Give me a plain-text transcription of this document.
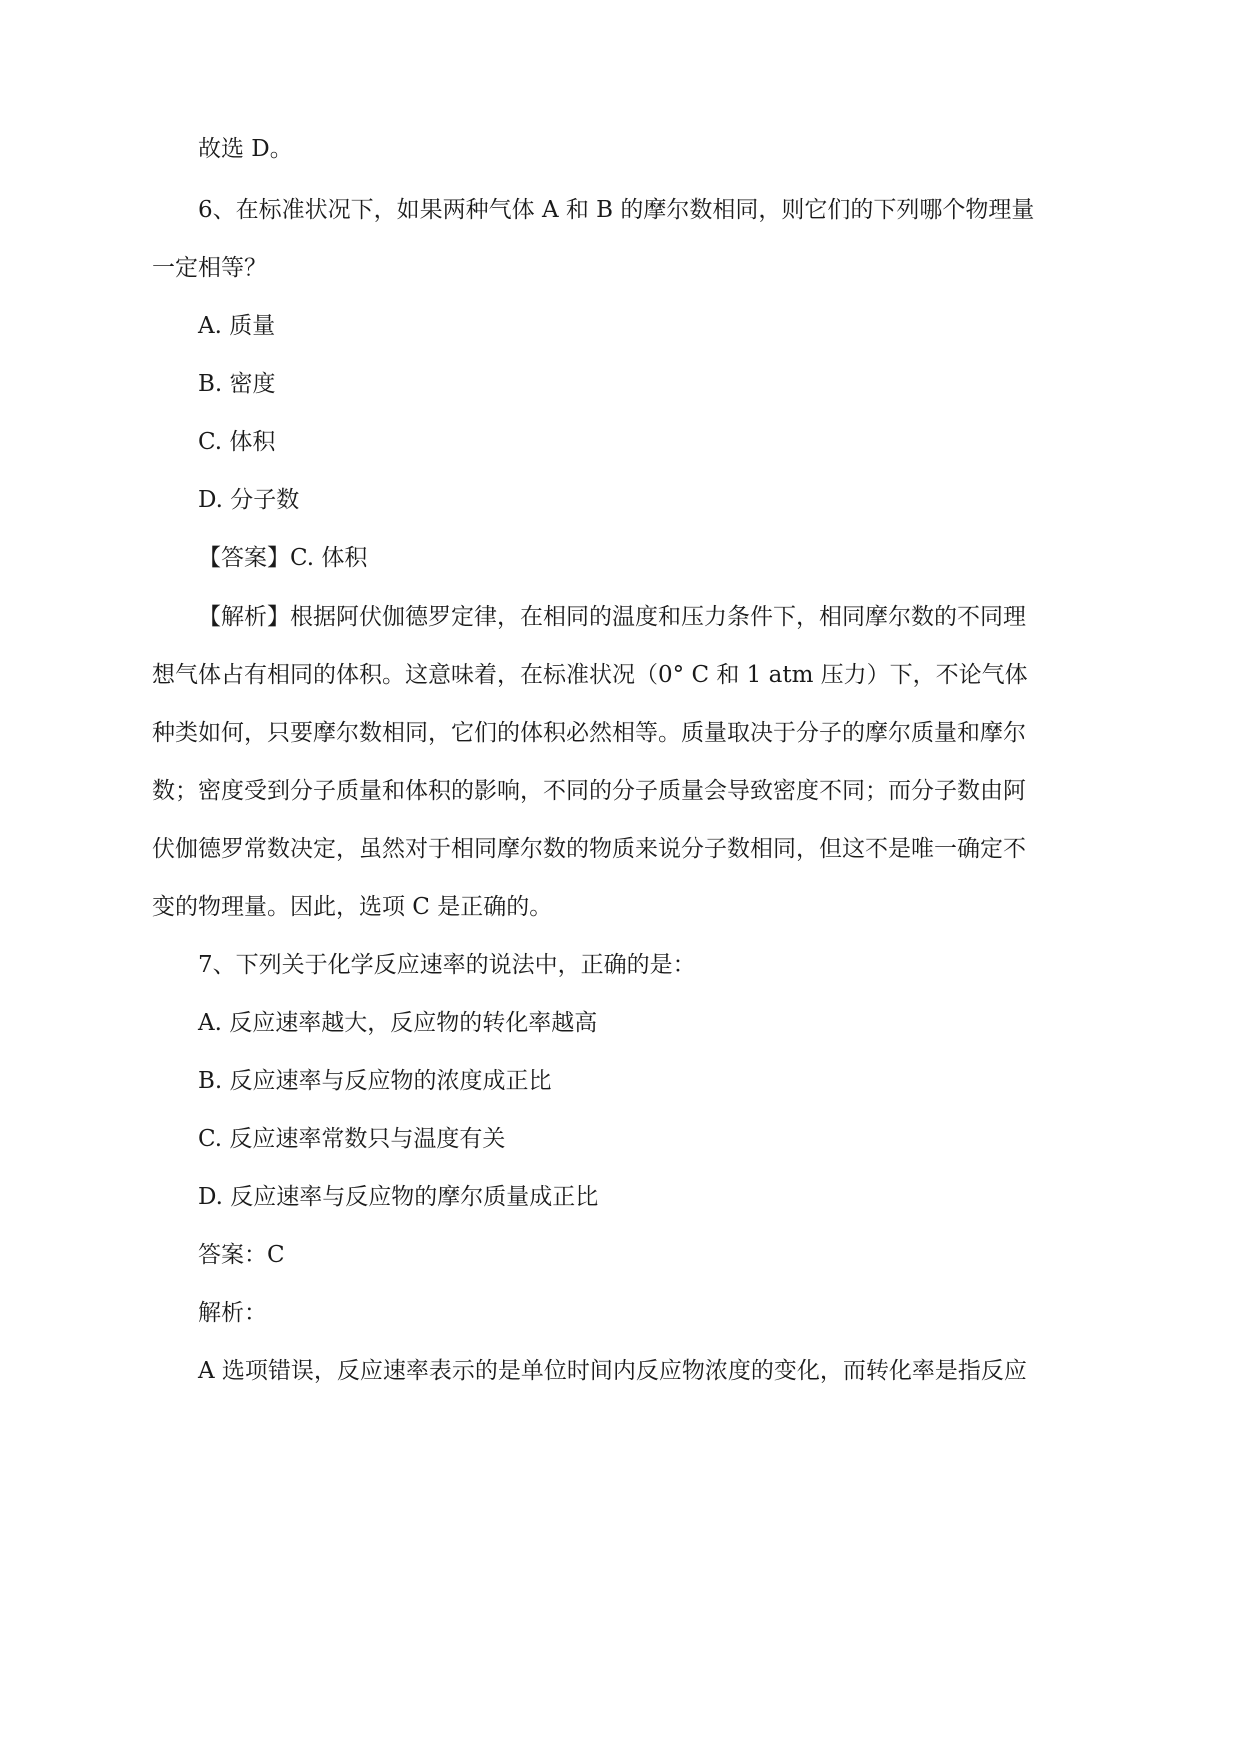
故选 D。
6、在标准状况下，如果两种气体 A 和 B 的摩尔数相同，则它们的下列哪个物理量
一定相等？
A. 质量
B. 密度
C. 体积
D. 分子数
【答案】C. 体积
【解析】根据阿伏伽德罗定律，在相同的温度和压力条件下，相同摩尔数的不同理
想气体占有相同的体积。这意味着，在标准状况（0° C 和 1 atm 压力）下，不论气体
种类如何，只要摩尔数相同，它们的体积必然相等。质量取决于分子的摩尔质量和摩尔
数；密度受到分子质量和体积的影响，不同的分子质量会导致密度不同；而分子数由阿
伏伽德罗常数决定，虽然对于相同摩尔数的物质来说分子数相同，但这不是唯一确定不
变的物理量。因此，选项 C 是正确的。
7、下列关于化学反应速率的说法中，正确的是：
A. 反应速率越大，反应物的转化率越高
B. 反应速率与反应物的浓度成正比
C. 反应速率常数只与温度有关
D. 反应速率与反应物的摩尔质量成正比
答案：C
解析：
A 选项错误，反应速率表示的是单位时间内反应物浓度的变化，而转化率是指反应
